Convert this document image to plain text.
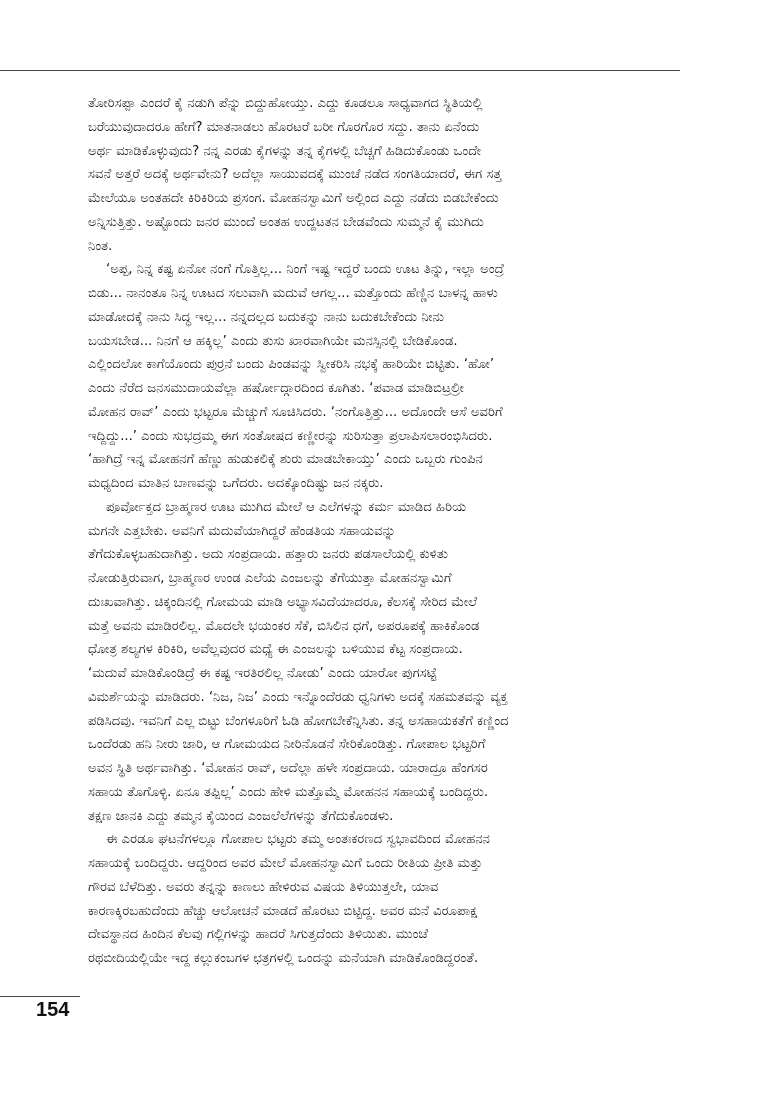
ತೋರಿಸಪ್ಪಾ ಎಂದರೆ ಕೈ ನಡುಗಿ ಪೆನ್ನು ಬಿದ್ದುಹೋಯ್ತು. ಎದ್ದು ಕೂಡಲೂ ಸಾಧ್ಯವಾಗದ ಸ್ಥಿತಿಯಲ್ಲಿ
ಬರೆಯುವುದಾದರೂ ಹೇಗೆ? ಮಾತನಾಡಲು ಹೊರಟರೆ ಬರೀ ಗೊರಗೊರ ಸದ್ದು. ತಾನು ಏನೆಂದು
ಅರ್ಥ ಮಾಡಿಕೊಳ್ಳುವುದು? ನನ್ನ ಎರಡು ಕೈಗಳನ್ನು ತನ್ನ ಕೈಗಳಲ್ಲಿ ಬೆಚ್ಚಗೆ ಹಿಡಿದುಕೊಂಡು ಒಂದೇ
ಸವನೆ ಅತ್ತರೆ ಅದಕ್ಕೆ ಅರ್ಥವೇನು? ಅದೆಲ್ಲಾ ಸಾಯುವದಕ್ಕೆ ಮುಂಚೆ ನಡೆದ ಸಂಗತಿಯಾದರೆ, ಈಗ ಸತ್ತ
ಮೇಲೆಯೂ ಅಂತಹದೇ ಕಿರಿಕಿರಿಯ ಪ್ರಸಂಗ. ಮೋಹನಸ್ವಾಮಿಗೆ ಅಲ್ಲಿಂದ ಎದ್ದು ನಡೆದು ಬಿಡಬೇಕೆಂದು
ಅನ್ನಿಸುತ್ತಿತ್ತು. ಅಷ್ಟೊಂದು ಜನರ ಮುಂದೆ ಅಂತಹ ಉದ್ದಟತನ ಬೇಡವೆಂದು ಸುಮ್ಮನೆ ಕೈ ಮುಗಿದು
ನಿಂತ.
‘ಅಪ್ಪ, ನಿನ್ನ ಕಷ್ಟ ಏನೋ ನಂಗೆ ಗೊತ್ತಿಲ್ಲ... ನಿಂಗೆ ಇಷ್ಟ ಇದ್ದರೆ ಬಂದು ಊಟ ತಿನ್ನು, ಇಲ್ಲಾ ಅಂದ್ರೆ
ಬಿಡು... ನಾನಂತೂ ನಿನ್ನ ಊಟದ ಸಲುವಾಗಿ ಮದುವೆ ಆಗಲ್ಲ... ಮತ್ತೊಂದು ಹೆಣ್ಣಿನ ಬಾಳನ್ನ ಹಾಳು
ಮಾಡೋದಕ್ಕೆ ನಾನು ಸಿದ್ಧ ಇಲ್ಲ... ನನ್ನದಲ್ಲದ ಬದುಕನ್ನು ನಾನು ಬದುಕಬೇಕೆಂದು ನೀನು
ಬಯಸಬೇಡ... ನಿನಗೆ ಆ ಹಕ್ಕಿಲ್ಲ’ ಎಂದು ತುಸು ಖಾರವಾಗಿಯೇ ಮನಸ್ಸಿನಲ್ಲಿ ಬೇಡಿಕೊಂಡ.
ಎಲ್ಲಿಂದಲೋ ಕಾಗೆಯೊಂದು ಪುರ್ರನೆ ಬಂದು ಪಿಂಡವನ್ನು ಸ್ವೀಕರಿಸಿ ನಭಕ್ಕೆ ಹಾರಿಯೇ ಬಿಟ್ಟಿತು. ‘ಹೋ’
ಎಂದು ನೆರೆದ ಜನಸಮುದಾಯವೆಲ್ಲಾ ಹರ್ಷೋದ್ಗಾರದಿಂದ ಕೂಗಿತು. ‘ಪವಾಡ ಮಾಡಿಬಿಟ್ರಲ್ರೀ
ಮೋಹನ ರಾವ್’ ಎಂದು ಭಟ್ಟರೂ ಮೆಚ್ಚುಗೆ ಸೂಚಿಸಿದರು. ‘ನಂಗೊತ್ತಿತ್ತು... ಅದೊಂದೇ ಆಸೆ ಅವರಿಗೆ
ಇದ್ದಿದ್ದು...’ ಎಂದು ಸುಭದ್ರಮ್ಮ ಈಗ ಸಂತೋಷದ ಕಣ್ಣೀರನ್ನು ಸುರಿಸುತ್ತಾ ಪ್ರಲಾಪಿಸಲಾರಂಭಿಸಿದರು.
‘ಹಾಗಿದ್ರೆ ಇನ್ನ ಮೋಹನಗೆ ಹೆಣ್ಣು ಹುಡುಕಲಿಕ್ಕೆ ಶುರು ಮಾಡಬೇಕಾಯ್ತು’ ಎಂದು ಒಬ್ಬರು ಗುಂಪಿನ
ಮಧ್ಯದಿಂದ ಮಾತಿನ ಬಾಣವನ್ನು ಒಗೆದರು. ಅದಕ್ಕೊಂದಿಷ್ಟು ಜನ ನಕ್ಕರು.
ಪೂರ್ವೋಕ್ತದ ಬ್ರಾಹ್ಮಣರ ಊಟ ಮುಗಿದ ಮೇಲೆ ಆ ಎಲೆಗಳನ್ನು ಕರ್ಮ ಮಾಡಿದ ಹಿರಿಯ
ಮಗನೇ ಎತ್ತಬೇಕು. ಅವನಿಗೆ ಮದುವೆಯಾಗಿದ್ದರೆ ಹೆಂಡತಿಯ ಸಹಾಯವನ್ನು
ತೆಗೆದುಕೊಳ್ಳಬಹುದಾಗಿತ್ತು. ಅದು ಸಂಪ್ರದಾಯ. ಹತ್ತಾರು ಜನರು ಪಡಸಾಲೆಯಲ್ಲಿ ಕುಳಿತು
ನೋಡುತ್ತಿರುವಾಗ, ಬ್ರಾಹ್ಮಣರ ಉಂಡ ಎಲೆಯ ಎಂಜಲನ್ನು ತೆಗೆಯುತ್ತಾ ಮೋಹನಸ್ವಾಮಿಗೆ
ದುಃಖವಾಗಿತ್ತು. ಚಿಕ್ಕಂದಿನಲ್ಲಿ ಗೋಮಯ ಮಾಡಿ ಅಭ್ಯಾಸವಿದೆಯಾದರೂ, ಕೆಲಸಕ್ಕೆ ಸೇರಿದ ಮೇಲೆ
ಮತ್ತೆ ಅವನು ಮಾಡಿರಲಿಲ್ಲ. ಮೊದಲೇ ಭಯಂಕರ ಸೆಕೆ, ಬಿಸಿಲಿನ ಧಗೆ, ಅಪರೂಪಕ್ಕೆ ಹಾಕಿಕೊಂಡ
ಧೋತ್ರ ಶಲ್ಯಗಳ ಕಿರಿಕಿರಿ, ಅವೆಲ್ಲವುದರ ಮಧ್ಯೆ ಈ ಎಂಜಲನ್ನು ಬಳಿಯುವ ಕೆಟ್ಟ ಸಂಪ್ರದಾಯ.
‘ಮದುವೆ ಮಾಡಿಕೊಂಡಿದ್ರೆ ಈ ಕಷ್ಟ ಇರತಿರಲಿಲ್ಲ ನೋಡು’ ಎಂದು ಯಾರೋ ಪುಗಸಟ್ಟೆ
ವಿಮರ್ಶೆಯನ್ನು ಮಾಡಿದರು. ‘ನಿಜ, ನಿಜ’ ಎಂದು ಇನ್ನೊಂದೆರಡು ಧ್ವನಿಗಳು ಅದಕ್ಕೆ ಸಹಮತವನ್ನು ವ್ಯಕ್ತ
ಪಡಿಸಿದವು. ಇವನಿಗೆ ಎಲ್ಲ ಬಿಟ್ಟು ಬೆಂಗಳೂರಿಗೆ ಓಡಿ ಹೋಗಬೇಕೆನ್ನಿಸಿತು. ತನ್ನ ಅಸಹಾಯಕತೆಗೆ ಕಣ್ಣಿಂದ
ಒಂದೆರಡು ಹನಿ ನೀರು ಜಾರಿ, ಆ ಗೋಮಯದ ನೀರಿನೊಡನೆ ಸೇರಿಕೊಂಡಿತ್ತು. ಗೋಪಾಲ ಭಟ್ಟರಿಗೆ
ಅವನ ಸ್ಥಿತಿ ಅರ್ಥವಾಗಿತ್ತು. ‘ಮೋಹನ ರಾವ್, ಅದೆಲ್ಲಾ ಹಳೇ ಸಂಪ್ರದಾಯ. ಯಾರಾದ್ರೂ ಹೆಂಗಸರ
ಸಹಾಯ ತೊಗೊಳ್ಳಿ. ಏನೂ ತಪ್ಪಿಲ್ಲ’ ಎಂದು ಹೇಳಿ ಮತ್ತೊಮ್ಮೆ ಮೋಹನನ ಸಹಾಯಕ್ಕೆ ಬಂದಿದ್ದರು.
ತಕ್ಷಣ ಜಾನಕಿ ಎದ್ದು ತಮ್ಮನ ಕೈಯಿಂದ ಎಂಜಲೆಲೆಗಳನ್ನು ತೆಗೆದುಕೊಂಡಳು.
ಈ ಎರಡೂ ಘಟನೆಗಳಲ್ಲೂ ಗೋಪಾಲ ಭಟ್ಟರು ತಮ್ಮ ಅಂತಃಕರಣದ ಸ್ವಭಾವದಿಂದ ಮೋಹನನ
ಸಹಾಯಕ್ಕೆ ಬಂದಿದ್ದರು. ಆದ್ದರಿಂದ ಅವರ ಮೇಲೆ ಮೋಹನಸ್ವಾಮಿಗೆ ಒಂದು ರೀತಿಯ ಪ್ರೀತಿ ಮತ್ತು
ಗೌರವ ಬೆಳೆದಿತ್ತು. ಅವರು ತನ್ನನ್ನು ಕಾಣಲು ಹೇಳಿರುವ ವಿಷಯ ತಿಳಿಯುತ್ತಲೇ, ಯಾವ
ಕಾರಣಕ್ಕಿರಬಹುದೆಂದು ಹೆಚ್ಚು ಆಲೋಚನೆ ಮಾಡದೆ ಹೊರಟು ಬಿಟ್ಟಿದ್ದ. ಅವರ ಮನೆ ವಿರೂಪಾಕ್ಷ
ದೇವಸ್ಥಾನದ ಹಿಂದಿನ ಕೆಲವು ಗಲ್ಲಿಗಳನ್ನು ಹಾದರೆ ಸಿಗುತ್ತದೆಂದು ತಿಳಿಯಿತು. ಮುಂಚೆ
ರಥಬೀದಿಯಲ್ಲಿಯೇ ಇದ್ದ ಕಲ್ಲುಕಂಬಗಳ ಛತ್ರಗಳಲ್ಲಿ ಒಂದನ್ನು ಮನೆಯಾಗಿ ಮಾಡಿಕೊಂಡಿದ್ದರಂತೆ.
154
